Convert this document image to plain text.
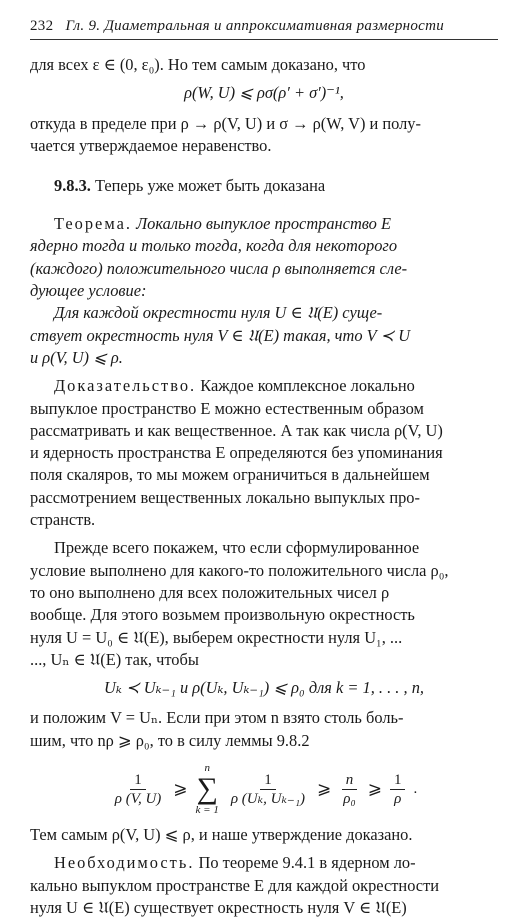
232 Гл. 9. Диаметральная и аппроксимативная размерности

для всех ε ∈ (0, ε₀). Но тем самым доказано, что

ρ(W, U) ⩽ ρσ(ρ′ + σ′)⁻¹,

откуда в пределе при ρ → ρ(V, U) и σ → ρ(W, V) и полу-

чается утверждаемое неравенство.

9.8.3. Теперь уже может быть доказана

Теорема. Локально выпуклое пространство E

ядерно тогда и только тогда, когда для некоторого

(каждого) положительного числа ρ выполняется сле-

дующее условие:

Для каждой окрестности нуля U ∈ 𝔘(E) суще-

ствует окрестность нуля V ∈ 𝔘(E) такая, что V ≺ U

и ρ(V, U) ⩽ ρ.

Доказательство. Каждое комплексное локально

выпуклое пространство E можно естественным образом

рассматривать и как вещественное. А так как числа ρ(V, U)

и ядерность пространства E определяются без упоминания

поля скаляров, то мы можем ограничиться в дальнейшем

рассмотрением вещественных локально выпуклых про-

странств.

Прежде всего покажем, что если сформулированное

условие выполнено для какого-то положительного числа ρ₀,

то оно выполнено для всех положительных чисел ρ

вообще. Для этого возьмем произвольную окрестность

нуля U = U₀ ∈ 𝔘(E), выберем окрестности нуля U₁, ...

..., Uₙ ∈ 𝔘(E) так, чтобы

Uₖ ≺ Uₖ₋₁ и ρ(Uₖ, Uₖ₋₁) ⩽ ρ₀ для k = 1, . . . , n,

и положим V = Uₙ. Если при этом n взято столь боль-

шим, что nρ ⩾ ρ₀, то в силу леммы 9.8.2

$\frac{1}{\rho (V, U)}$ ⩾
n
∑
k = 1
$\frac{1}{\text{ρ (Uₖ, Uₖ₋₁)}}$ ⩾ $\frac{n}{\text{ρ₀}}$ ⩾ $\frac{1}{\rho}$ .

Тем самым ρ(V, U) ⩽ ρ, и наше утверждение доказано.

Необходимость. По теореме 9.4.1 в ядерном ло-

кально выпуклом пространстве E для каждой окрестности

нуля U ∈ 𝔘(E) существует окрестность нуля V ∈ 𝔘(E)
